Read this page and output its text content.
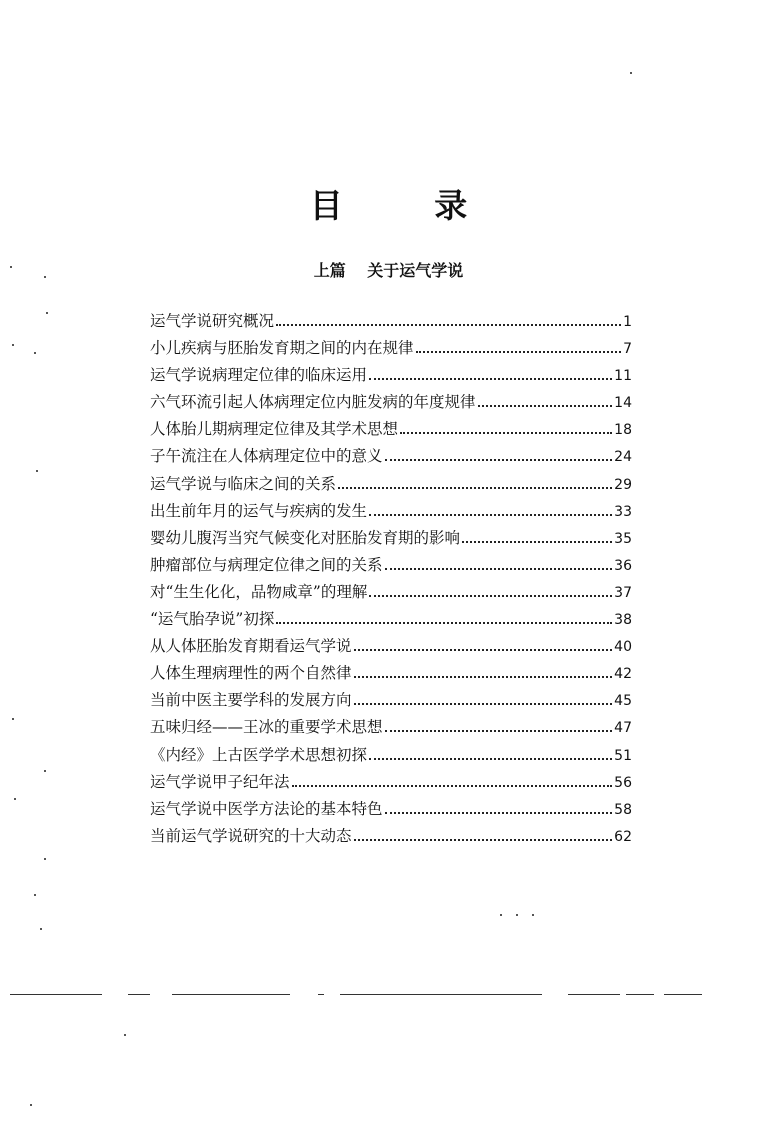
目 录
上篇 关于运气学说
运气学说研究概况	1
小儿疾病与胚胎发育期之间的内在规律	7
运气学说病理定位律的临床运用	11
六气环流引起人体病理定位内脏发病的年度规律	14
人体胎儿期病理定位律及其学术思想	18
子午流注在人体病理定位中的意义	24
运气学说与临床之间的关系	29
出生前年月的运气与疾病的发生	33
婴幼儿腹泻当究气候变化对胚胎发育期的影响	35
肿瘤部位与病理定位律之间的关系	36
对“生生化化，品物咸章”的理解	37
“运气胎孕说”初探	38
从人体胚胎发育期看运气学说	40
人体生理病理性的两个自然律	42
当前中医主要学科的发展方向	45
五味归经——王冰的重要学术思想	47
《内经》上古医学学术思想初探	51
运气学说甲子纪年法	56
运气学说中医学方法论的基本特色	58
当前运气学说研究的十大动态	62
